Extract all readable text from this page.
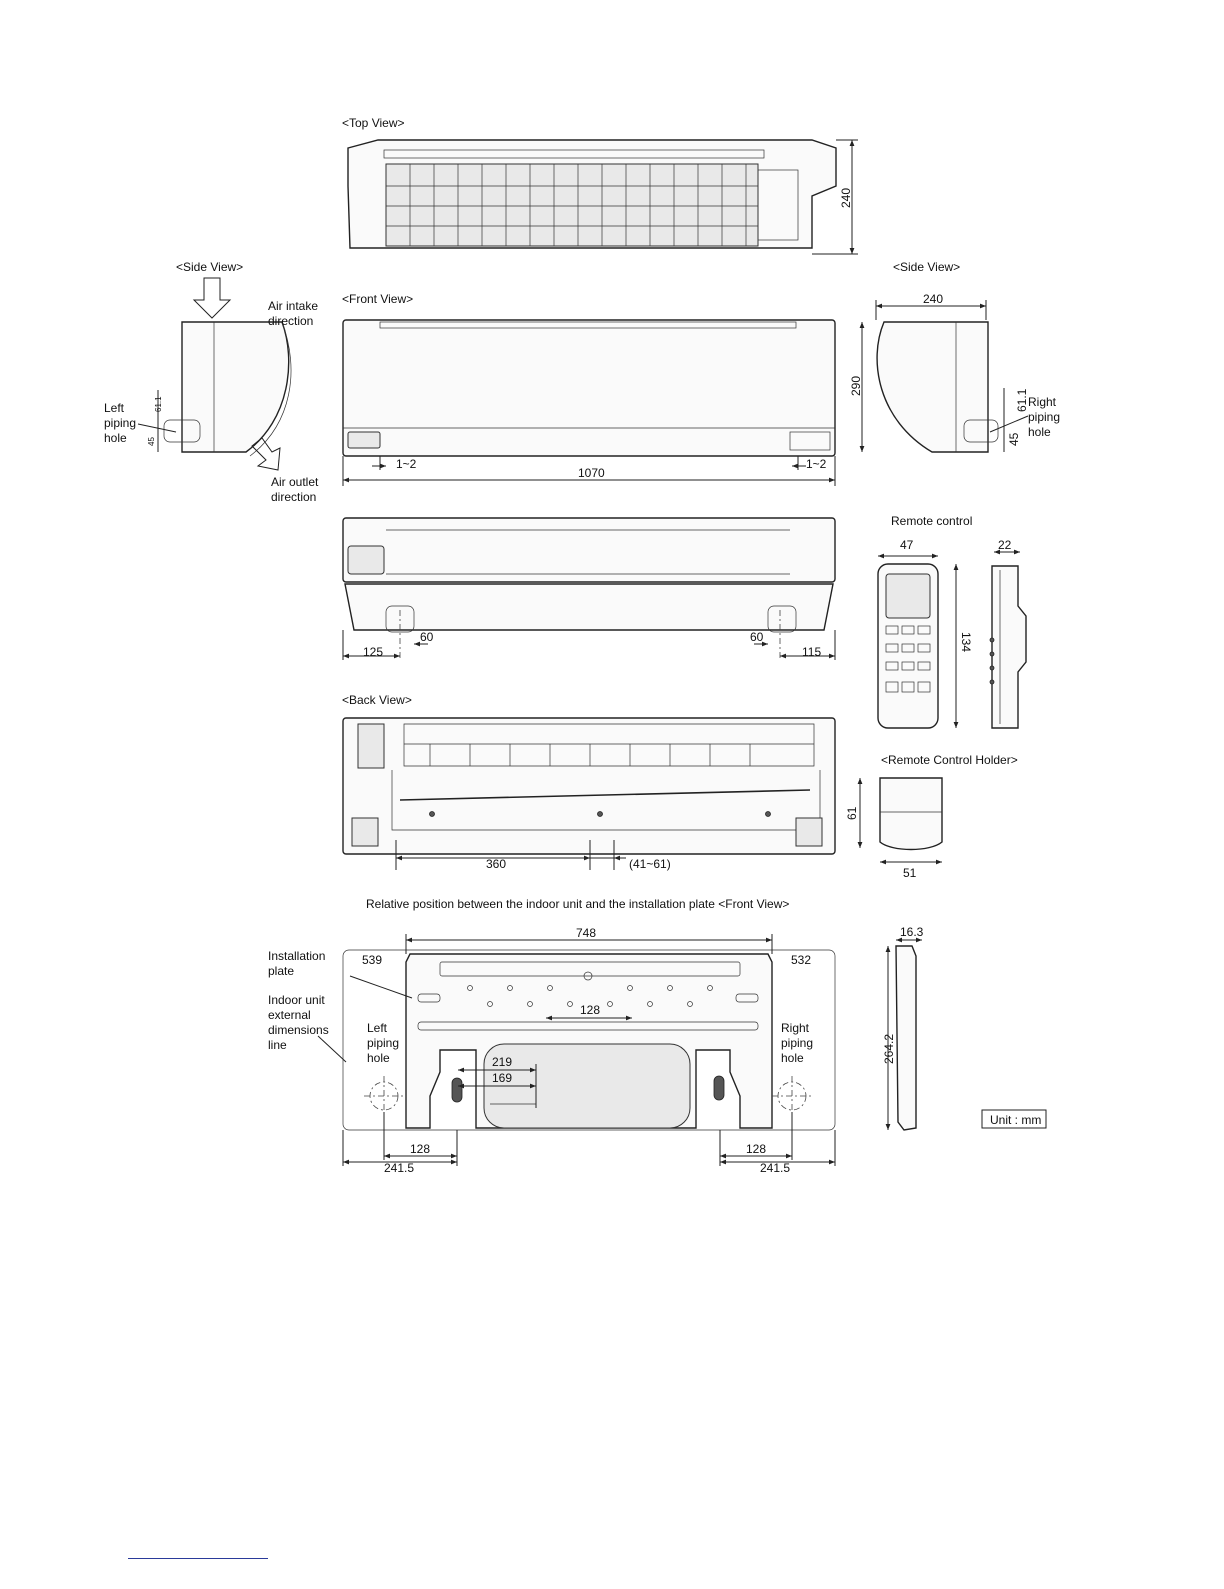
<Top View>
240
<Side View>
61.1
45
Air intake direction
Left piping hole
Air outlet direction
<Front View>
1~2	1~2
1070
<Side View>
240
290
61.1
45
Right piping hole
60	60
125	115
Remote control
47
134
22
<Remote Control Holder>
61
51
<Back View>
360	(41~61)
Relative position between the indoor unit and the installation plate <Front View>
748
539	532
128
219
169
128
241.5
128
241.5
Installation plate
Indoor unit external dimensions line
Left piping hole
Right piping hole
16.3
264.2
Unit : mm
